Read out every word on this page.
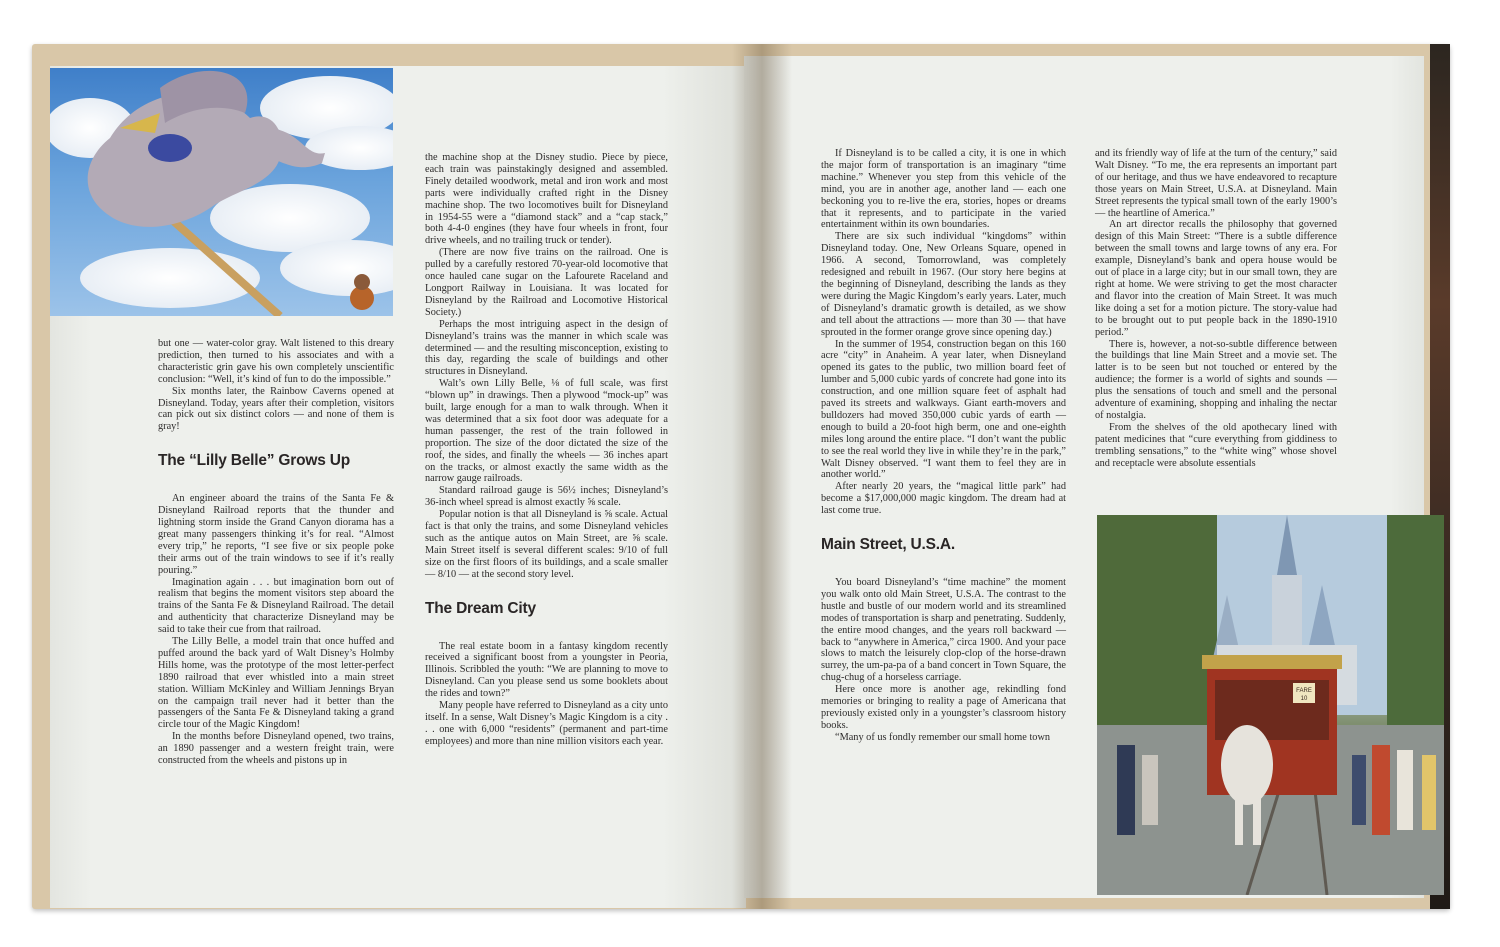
FARE
10

but one — water-color gray. Walt listened to this dreary prediction, then turned to his associates and with a characteristic grin gave his own completely unscientific conclusion: “Well, it’s kind of fun to do the impossible.”

Six months later, the Rainbow Caverns opened at Disneyland. Today, years after their completion, visitors can pick out six distinct colors — and none of them is gray!

The “Lilly Belle” Grows Up

An engineer aboard the trains of the Santa Fe & Disneyland Railroad reports that the thunder and lightning storm inside the Grand Canyon diorama has a great many passengers thinking it’s for real. “Almost every trip,” he reports, “I see five or six people poke their arms out of the train windows to see if it’s really pouring.”

Imagination again . . . but imagination born out of realism that begins the moment visitors step aboard the trains of the Santa Fe & Disneyland Railroad. The detail and authenticity that characterize Disneyland may be said to take their cue from that railroad.

The Lilly Belle, a model train that once huffed and puffed around the back yard of Walt Disney’s Holmby Hills home, was the prototype of the most letter-perfect 1890 railroad that ever whistled into a main street station. William McKinley and William Jennings Bryan on the campaign trail never had it better than the passengers of the Santa Fe & Disneyland taking a grand circle tour of the Magic Kingdom!

In the months before Disneyland opened, two trains, an 1890 passenger and a western freight train, were constructed from the wheels and pistons up in

the machine shop at the Disney studio. Piece by piece, each train was painstakingly designed and assembled. Finely detailed woodwork, metal and iron work and most parts were individually crafted right in the Disney machine shop. The two locomotives built for Disneyland in 1954-55 were a “diamond stack” and a “cap stack,” both 4-4-0 engines (they have four wheels in front, four drive wheels, and no trailing truck or tender).

(There are now five trains on the railroad. One is pulled by a carefully restored 70-year-old locomotive that once hauled cane sugar on the Lafourete Raceland and Longport Railway in Louisiana. It was located for Disneyland by the Railroad and Locomotive Historical Society.)

Perhaps the most intriguing aspect in the design of Disneyland’s trains was the manner in which scale was determined — and the resulting misconception, existing to this day, regarding the scale of buildings and other structures in Disneyland.

Walt’s own Lilly Belle, ⅛ of full scale, was first “blown up” in drawings. Then a plywood “mock-up” was built, large enough for a man to walk through. When it was determined that a six foot door was adequate for a human passenger, the rest of the train followed in proportion. The size of the door dictated the size of the roof, the sides, and finally the wheels — 36 inches apart on the tracks, or almost exactly the same width as the narrow gauge railroads.

Standard railroad gauge is 56½ inches; Disneyland’s 36-inch wheel spread is almost exactly ⅝ scale.

Popular notion is that all Disneyland is ⅝ scale. Actual fact is that only the trains, and some Disneyland vehicles such as the antique autos on Main Street, are ⅝ scale. Main Street itself is several different scales: 9/10 of full size on the first floors of its buildings, and a scale smaller — 8/10 — at the second story level.

The Dream City

The real estate boom in a fantasy kingdom recently received a significant boost from a youngster in Peoria, Illinois. Scribbled the youth: “We are planning to move to Disneyland. Can you please send us some booklets about the rides and town?”

Many people have referred to Disneyland as a city unto itself. In a sense, Walt Disney’s Magic Kingdom is a city . . . one with 6,000 “residents” (permanent and part-time employees) and more than nine million visitors each year.

If Disneyland is to be called a city, it is one in which the major form of transportation is an imaginary “time machine.” Whenever you step from this vehicle of the mind, you are in another age, another land — each one beckoning you to re-live the era, stories, hopes or dreams that it represents, and to participate in the varied entertainment within its own boundaries.

There are six such individual “kingdoms” within Disneyland today. One, New Orleans Square, opened in 1966. A second, Tomorrowland, was completely redesigned and rebuilt in 1967. (Our story here begins at the beginning of Disneyland, describing the lands as they were during the Magic Kingdom’s early years. Later, much of Disneyland’s dramatic growth is detailed, as we show and tell about the attractions — more than 30 — that have sprouted in the former orange grove since opening day.)

In the summer of 1954, construction began on this 160 acre “city” in Anaheim. A year later, when Disneyland opened its gates to the public, two million board feet of lumber and 5,000 cubic yards of concrete had gone into its construction, and one million square feet of asphalt had paved its streets and walkways. Giant earth-movers and bulldozers had moved 350,000 cubic yards of earth — enough to build a 20-foot high berm, one and one-eighth miles long around the entire place. “I don’t want the public to see the real world they live in while they’re in the park,” Walt Disney observed. “I want them to feel they are in another world.”

After nearly 20 years, the “magical little park” had become a $17,000,000 magic kingdom. The dream had at last come true.

Main Street, U.S.A.

You board Disneyland’s “time machine” the moment you walk onto old Main Street, U.S.A. The contrast to the hustle and bustle of our modern world and its streamlined modes of transportation is sharp and penetrating. Suddenly, the entire mood changes, and the years roll backward — back to “anywhere in America,” circa 1900. And your pace slows to match the leisurely clop-clop of the horse-drawn surrey, the um-pa-pa of a band concert in Town Square, the chug-chug of a horseless carriage.

Here once more is another age, rekindling fond memories or bringing to reality a page of Americana that previously existed only in a youngster’s classroom history books.

“Many of us fondly remember our small home town

and its friendly way of life at the turn of the century,” said Walt Disney. “To me, the era represents an important part of our heritage, and thus we have endeavored to recapture those years on Main Street, U.S.A. at Disneyland. Main Street represents the typical small town of the early 1900’s — the heartline of America.”

An art director recalls the philosophy that governed design of this Main Street: “There is a subtle difference between the small towns and large towns of any era. For example, Disneyland’s bank and opera house would be out of place in a large city; but in our small town, they are right at home. We were striving to get the most character and flavor into the creation of Main Street. It was much like doing a set for a motion picture. The story-value had to be brought out to put people back in the 1890-1910 period.”

There is, however, a not-so-subtle difference between the buildings that line Main Street and a movie set. The latter is to be seen but not touched or entered by the audience; the former is a world of sights and sounds — plus the sensations of touch and smell and the personal adventure of examining, shopping and inhaling the nectar of nostalgia.

From the shelves of the old apothecary lined with patent medicines that “cure everything from giddiness to trembling sensations,” to the “white wing” whose shovel and receptacle were absolute essentials
